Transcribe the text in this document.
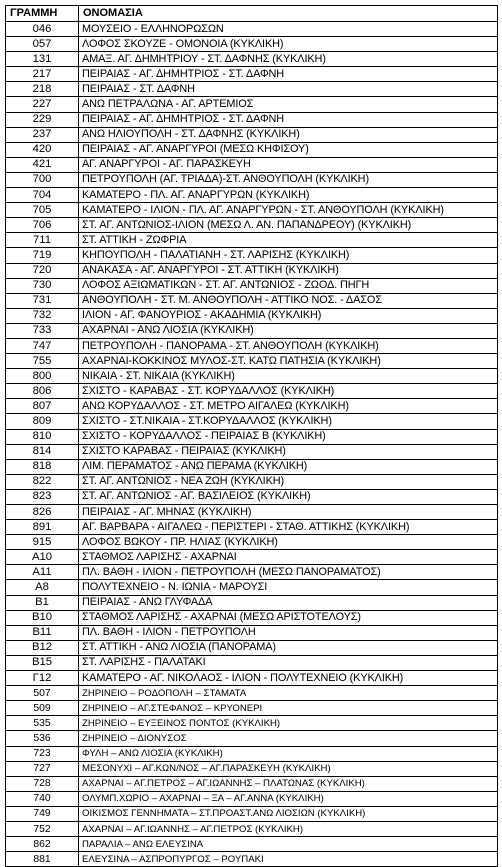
ΓΡΑΜΜΗ	ΟΝΟΜΑΣΙΑ
046	ΜΟΥΣΕΙΟ - ΕΛΛΗΝΟΡΩΣΩΝ
057	ΛΟΦΟΣ ΣΚΟΥΖΕ - ΟΜΟΝΟΙΑ (ΚΥΚΛΙΚΗ)
131	ΑΜΑΞ. ΑΓ. ΔΗΜΗΤΡΙΟΥ - ΣΤ. ΔΑΦΝΗΣ (ΚΥΚΛΙΚΗ)
217	ΠΕΙΡΑΙΑΣ - ΑΓ. ΔΗΜΗΤΡΙΟΣ - ΣΤ. ΔΑΦΝΗ
218	ΠΕΙΡΑΙΑΣ - ΣΤ. ΔΑΦΝΗ
227	ΑΝΩ ΠΕΤΡΑΛΩΝΑ - ΑΓ. ΑΡΤΕΜΙΟΣ
229	ΠΕΙΡΑΙΑΣ - ΑΓ. ΔΗΜΗΤΡΙΟΣ - ΣΤ. ΔΑΦΝΗ
237	ΑΝΩ ΗΛΙΟΥΠΟΛΗ - ΣΤ. ΔΑΦΝΗΣ (ΚΥΚΛΙΚΗ)
420	ΠΕΙΡΑΙΑΣ - ΑΓ. ΑΝΑΡΓΥΡΟΙ (ΜΕΣΩ ΚΗΦΙΣΟΥ)
421	ΑΓ. ΑΝΑΡΓΥΡΟΙ - ΑΓ. ΠΑΡΑΣΚΕΥΗ
700	ΠΕΤΡΟΥΠΟΛΗ (ΑΓ. ΤΡΙΑΔΑ)-ΣΤ. ΑΝΘΟΥΠΟΛΗ (ΚΥΚΛΙΚΗ)
704	ΚΑΜΑΤΕΡΟ - ΠΛ. ΑΓ. ΑΝΑΡΓΥΡΩΝ (ΚΥΚΛΙΚΗ)
705	ΚΑΜΑΤΕΡΟ - ΙΛΙΟΝ - ΠΛ. ΑΓ. ΑΝΑΡΓΥΡΩΝ - ΣΤ. ΑΝΘΟΥΠΟΛΗ (ΚΥΚΛΙΚΗ)
706	ΣΤ. ΑΓ. ΑΝΤΩΝΙΟΣ-ΙΛΙΟΝ (ΜΕΣΩ Λ. ΑΝ. ΠΑΠΑΝΔΡΕΟΥ) (ΚΥΚΛΙΚΗ)
711	ΣΤ. ΑΤΤΙΚΗ - ΖΩΦΡΙΑ
719	ΚΗΠΟΥΠΟΛΗ - ΠΑΛΑΤΙΑΝΗ - ΣΤ. ΛΑΡΙΣΗΣ (ΚΥΚΛΙΚΗ)
720	ΑΝΑΚΑΣΑ - ΑΓ. ΑΝΑΡΓΥΡΟΙ - ΣΤ. ΑΤΤΙΚΗ (ΚΥΚΛΙΚΗ)
730	ΛΟΦΟΣ ΑΞΙΩΜΑΤΙΚΩΝ - ΣΤ. ΑΓ. ΑΝΤΩΝΙΟΣ - ΖΩΟΔ. ΠΗΓΗ
731	ΑΝΘΟΥΠΟΛΗ - ΣΤ. Μ. ΑΝΘΟΥΠΟΛΗ - ΑΤΤΙΚΟ ΝΟΣ. - ΔΑΣΟΣ
732	ΙΛΙΟΝ - ΑΓ. ΦΑΝΟΥΡΙΟΣ - ΑΚΑΔΗΜΙΑ (ΚΥΚΛΙΚΗ)
733	ΑΧΑΡΝΑΙ - ΑΝΩ ΛΙΟΣΙΑ (ΚΥΚΛΙΚΗ)
747	ΠΕΤΡΟΥΠΟΛΗ - ΠΑΝΟΡΑΜΑ - ΣΤ. ΑΝΘΟΥΠΟΛΗ (ΚΥΚΛΙΚΗ)
755	ΑΧΑΡΝΑΙ-ΚΟΚΚΙΝΟΣ ΜΥΛΟΣ-ΣΤ. ΚΑΤΩ ΠΑΤΗΣΙΑ (ΚΥΚΛΙΚΗ)
800	ΝΙΚΑΙΑ - ΣΤ. ΝΙΚΑΙΑ (ΚΥΚΛΙΚΗ)
806	ΣΧΙΣΤΟ - ΚΑΡΑΒΑΣ - ΣΤ. ΚΟΡΥΔΑΛΛΟΣ (ΚΥΚΛΙΚΗ)
807	ΑΝΩ ΚΟΡΥΔΑΛΛΟΣ - ΣΤ. ΜΕΤΡΟ ΑΙΓΑΛΕΩ (ΚΥΚΛΙΚΗ)
809	ΣΧΙΣΤΟ - ΣΤ.ΝΙΚΑΙΑ - ΣΤ.ΚΟΡΥΔΑΛΛΟΣ (ΚΥΚΛΙΚΗ)
810	ΣΧΙΣΤΟ - ΚΟΡΥΔΑΛΛΟΣ - ΠΕΙΡΑΙΑΣ Β (ΚΥΚΛΙΚΗ)
814	ΣΧΙΣΤΟ ΚΑΡΑΒΑΣ - ΠΕΙΡΑΙΑΣ (ΚΥΚΛΙΚΗ)
818	ΛΙΜ. ΠΕΡΑΜΑΤΟΣ - ΑΝΩ ΠΕΡΑΜΑ (ΚΥΚΛΙΚΗ)
822	ΣΤ. ΑΓ. ΑΝΤΩΝΙΟΣ - ΝΕΑ ΖΩΗ (ΚΥΚΛΙΚΗ)
823	ΣΤ. ΑΓ. ΑΝΤΩΝΙΟΣ - ΑΓ. ΒΑΣΙΛΕΙΟΣ (ΚΥΚΛΙΚΗ)
826	ΠΕΙΡΑΙΑΣ - ΑΓ. ΜΗΝΑΣ (ΚΥΚΛΙΚΗ)
891	ΑΓ. ΒΑΡΒΑΡΑ - ΑΙΓΑΛΕΩ - ΠΕΡΙΣΤΕΡΙ - ΣΤΑΘ. ΑΤΤΙΚΗΣ (ΚΥΚΛΙΚΗ)
915	ΛΟΦΟΣ ΒΩΚΟΥ - ΠΡ. ΗΛΙΑΣ (ΚΥΚΛΙΚΗ)
Α10	ΣΤΑΘΜΟΣ ΛΑΡΙΣΗΣ - ΑΧΑΡΝΑΙ
Α11	ΠΛ. ΒΑΘΗ - ΙΛΙΟΝ - ΠΕΤΡΟΥΠΟΛΗ (ΜΕΣΩ ΠΑΝΟΡΑΜΑΤΟΣ)
Α8	ΠΟΛΥΤΕΧΝΕΙΟ - Ν. ΙΩΝΙΑ - ΜΑΡΟΥΣΙ
Β1	ΠΕΙΡΑΙΑΣ - ΑΝΩ ΓΛΥΦΑΔΑ
Β10	ΣΤΑΘΜΟΣ ΛΑΡΙΣΗΣ - ΑΧΑΡΝΑΙ (ΜΕΣΩ ΑΡΙΣΤΟΤΕΛΟΥΣ)
Β11	ΠΛ. ΒΑΘΗ - ΙΛΙΟΝ - ΠΕΤΡΟΥΠΟΛΗ
Β12	ΣΤ. ΑΤΤΙΚΗ - ΑΝΩ ΛΙΟΣΙΑ (ΠΑΝΟΡΑΜΑ)
Β15	ΣΤ. ΛΑΡΙΣΗΣ - ΠΑΛΑΤΑΚΙ
Γ12	ΚΑΜΑΤΕΡΟ - ΑΓ. ΝΙΚΟΛΑΟΣ - ΙΛΙΟΝ - ΠΟΛΥΤΕΧΝΕΙΟ (ΚΥΚΛΙΚΗ)
507	ΖΗΡΙΝΕΙΟ – ΡΟΔΟΠΟΛΗ – ΣΤΑΜΑΤΑ
509	ΖΗΡΙΝΕΙΟ – ΑΓ.ΣΤΕΦΑΝΟΣ – ΚΡΥΟΝΕΡΙ
535	ΖΗΡΙΝΕΙΟ – ΕΥΞΕΙΝΟΣ ΠΟΝΤΟΣ (ΚΥΚΛΙΚΗ)
536	ΖΗΡΙΝΕΙΟ – ΔΙΟΝΥΣΟΣ
723	ΦΥΛΗ – ΑΝΩ ΛΙΟΣΙΑ (ΚΥΚΛΙΚΗ)
727	ΜΕΣΟΝΥΧΙ – ΑΓ.ΚΩΝ/ΝΟΣ – ΑΓ.ΠΑΡΑΣΚΕΥΗ (ΚΥΚΛΙΚΗ)
728	ΑΧΑΡΝΑΙ – ΑΓ.ΠΕΤΡΟΣ – ΑΓ.ΙΩΑΝΝΗΣ – ΠΛΑΤΩΝΑΣ (ΚΥΚΛΙΚΗ)
740	ΟΛΥΜΠ.ΧΩΡΙΟ – ΑΧΑΡΝΑΙ – ΞΑ – ΑΓ.ΑΝΝΑ (ΚΥΚΛΙΚΗ)
749	ΟΙΚΙΣΜΟΣ ΓΕΝΝΗΜΑΤΑ – ΣΤ.ΠΡΟΑΣΤ.ΑΝΩ ΛΙΟΣΙΩΝ (ΚΥΚΛΙΚΗ)
752	ΑΧΑΡΝΑΙ – ΑΓ.ΙΩΑΝΝΗΣ – ΑΓ.ΠΕΤΡΟΣ (ΚΥΚΛΙΚΗ)
862	ΠΑΡΑΛΙΑ – ΑΝΩ ΕΛΕΥΣΙΝΑ
881	ΕΛΕΥΣΙΝΑ – ΑΣΠΡΟΠΥΡΓΟΣ – ΡΟΥΠΑΚΙ
